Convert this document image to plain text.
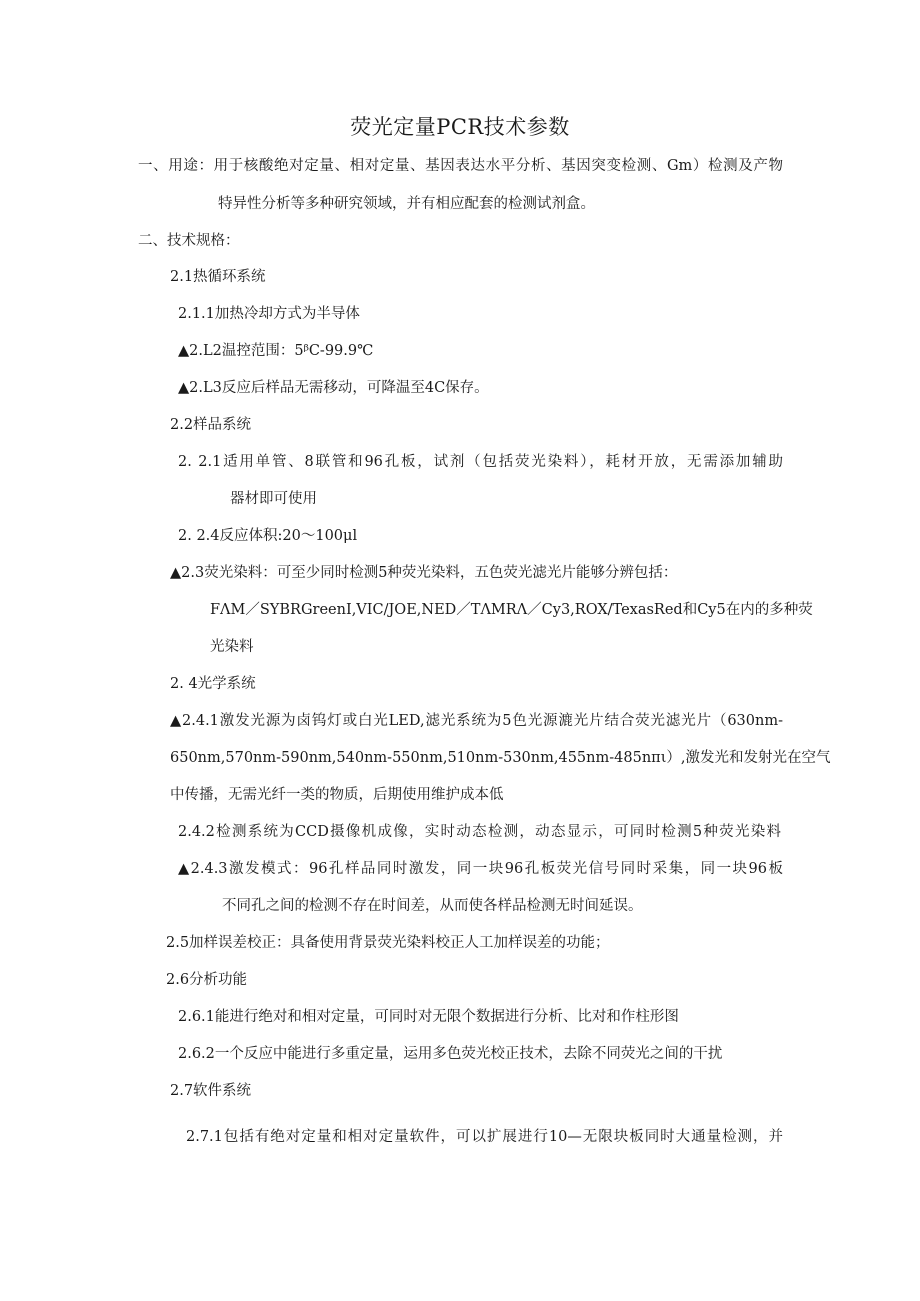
荧光定量PCR技术参数
一、用途：用于核酸绝对定量、相对定量、基因表达水平分析、基因突变检测、Gm）检测及产物
特异性分析等多种研究领域，并有相应配套的检测试剂盒。
二、技术规格：
2.1热循环系统
2.1.1加热冷却方式为半导体
▲2.L2温控范围：5ᵝC-99.9℃
▲2.L3反应后样品无需移动，可降温至4C保存。
2.2样品系统
2. 2.1适用单管、8联管和96孔板，试剂（包括荧光染料），耗材开放，无需添加辅助
器材即可使用
2. 2.4反应体积:20～100μl
▲2.3荧光染料：可至少同时检测5种荧光染料，五色荧光滤光片能够分辨包括：
FΛM／SYBRGreenI,VIC/JOE,NED／TΛMRΛ／Cy3,ROX/TexasRed和Cy5在内的多种荧
光染料
2. 4光学系统
▲2.4.1激发光源为卤钨灯或白光LED,滤光系统为5色光源漉光片结合荧光滤光片（630nm-
650nm,570nm-590nm,540nm-550nm,510nm-530nm,455nm-485nπι）,激发光和发射光在空气
中传播，无需光纤一类的物质，后期使用维护成本低
2.4.2检测系统为CCD摄像机成像，实时动态检测，动态显示，可同时检测5种荧光染料
▲2.4.3激发模式：96孔样品同时激发，同一块96孔板荧光信号同时采集，同一块96板
不同孔之间的检测不存在时间差，从而使各样品检测无时间延误。
2.5加样误差校正：具备使用背景荧光染料校正人工加样误差的功能；
2.6分析功能
2.6.1能进行绝对和相对定量，可同时对无限个数据进行分析、比对和作柱形图
2.6.2一个反应中能进行多重定量，运用多色荧光校正技术，去除不同荧光之间的干扰
2.7软件系统
2.7.1包括有绝对定量和相对定量软件，可以扩展进行10—无限块板同时大通量检测，并
